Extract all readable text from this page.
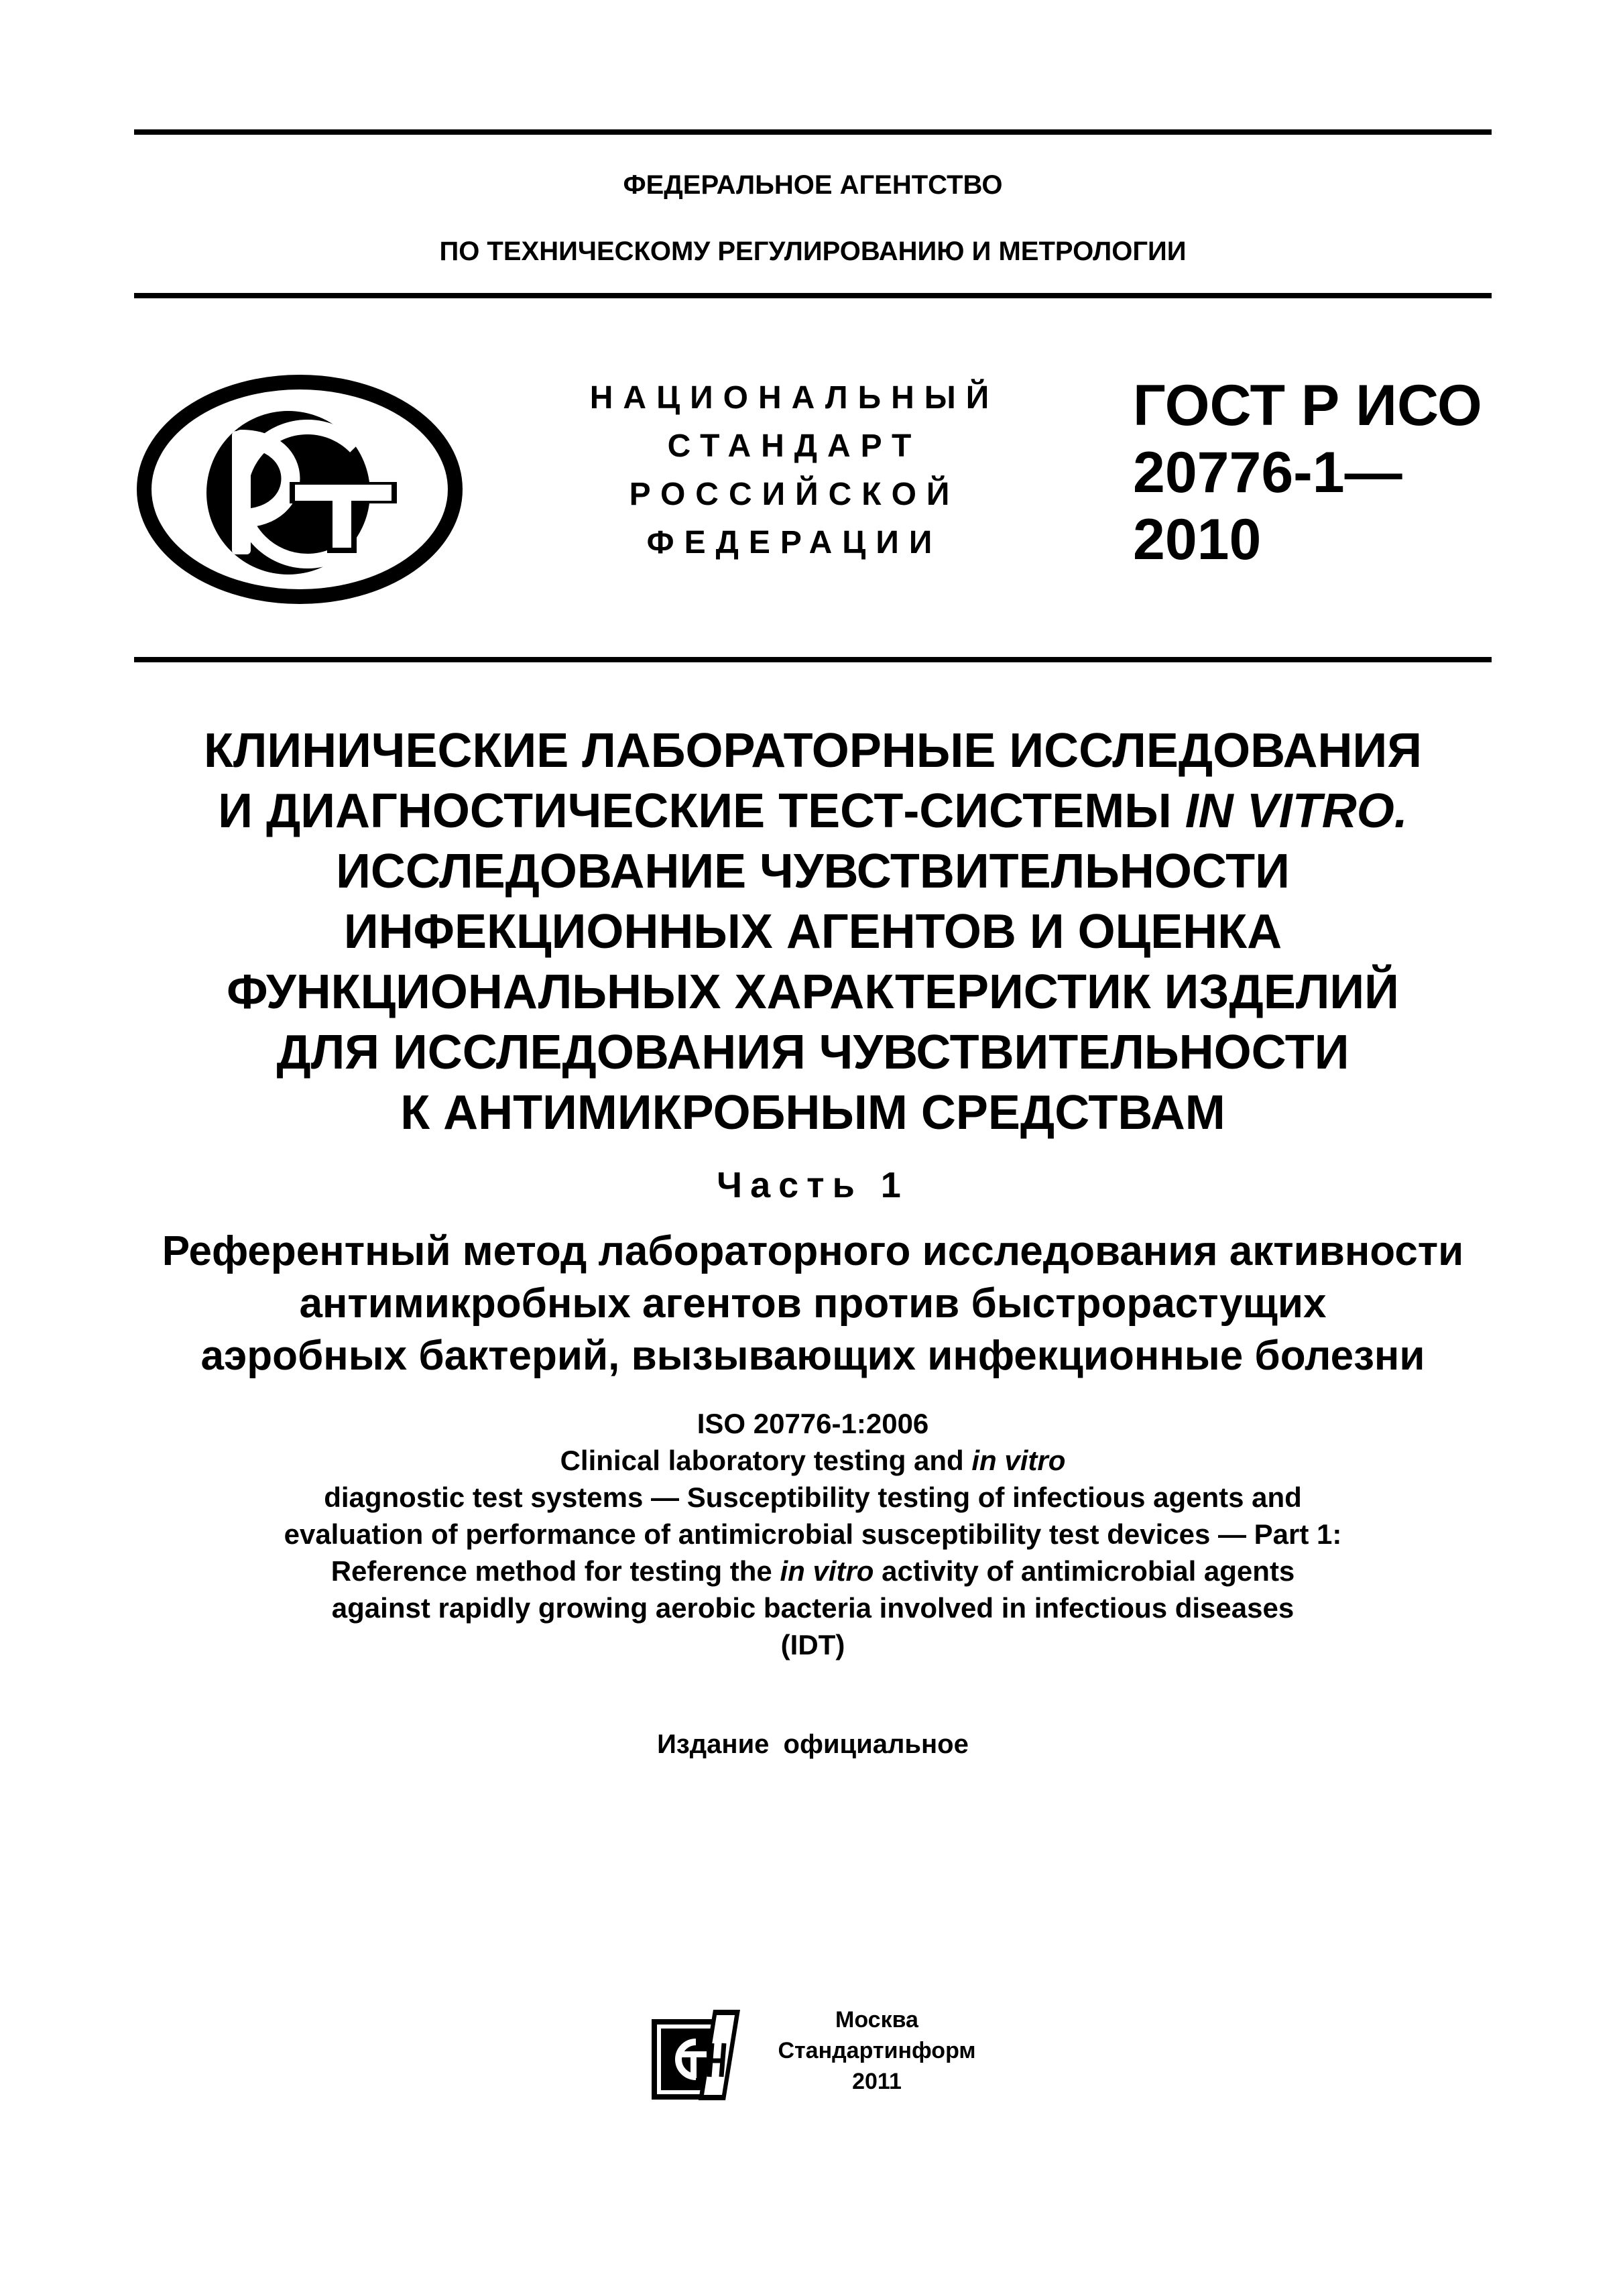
ФЕДЕРАЛЬНОЕ АГЕНТСТВО
ПО ТЕХНИЧЕСКОМУ РЕГУЛИРОВАНИЮ И МЕТРОЛОГИИ
НАЦИОНАЛЬНЫЙ
СТАНДАРТ
РОССИЙСКОЙ
ФЕДЕРАЦИИ
ГОСТ Р ИСО
20776-1—
2010
КЛИНИЧЕСКИЕ ЛАБОРАТОРНЫЕ ИССЛЕДОВАНИЯ
И ДИАГНОСТИЧЕСКИЕ ТЕСТ-СИСТЕМЫ IN VITRO.
ИССЛЕДОВАНИЕ ЧУВСТВИТЕЛЬНОСТИ
ИНФЕКЦИОННЫХ АГЕНТОВ И ОЦЕНКА
ФУНКЦИОНАЛЬНЫХ ХАРАКТЕРИСТИК ИЗДЕЛИЙ
ДЛЯ ИССЛЕДОВАНИЯ ЧУВСТВИТЕЛЬНОСТИ
К АНТИМИКРОБНЫМ СРЕДСТВАМ
Часть 1
Референтный метод лабораторного исследования активности
антимикробных агентов против быстрорастущих
аэробных бактерий, вызывающих инфекционные болезни
ISO 20776-1:2006
Clinical laboratory testing and in vitro
diagnostic test systems — Susceptibility testing of infectious agents and
evaluation of performance of antimicrobial susceptibility test devices — Part 1:
Reference method for testing the in vitro activity of antimicrobial agents
against rapidly growing aerobic bacteria involved in infectious diseases
(IDT)
Издание официальное
Москва
Стандартинформ
2011
